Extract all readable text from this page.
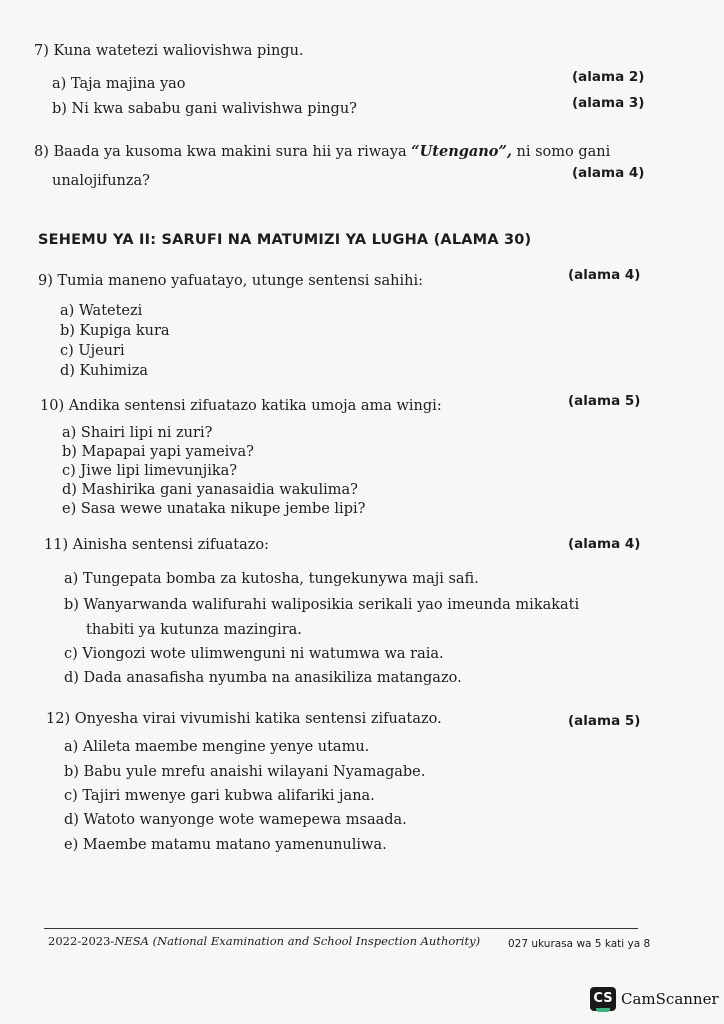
7) Kuna watetezi waliovishwa pingu.
a) Taja majina yao	(alama 2)
b) Ni kwa sababu gani walivishwa pingu?	(alama 3)
8) Baada ya kusoma kwa makini sura hii ya riwaya “Utengano”, ni somo gani
unalojifunza?	(alama 4)
SEHEMU YA II: SARUFI NA MATUMIZI YA LUGHA (ALAMA 30)
9) Tumia maneno yafuatayo, utunge sentensi sahihi:	(alama 4)
a) Watetezi
b) Kupiga kura
c) Ujeuri
d) Kuhimiza
10) Andika sentensi zifuatazo katika umoja ama wingi:	(alama 5)
a) Shairi lipi ni zuri?
b) Mapapai yapi yameiva?
c) Jiwe lipi limevunjika?
d) Mashirika gani yanasaidia wakulima?
e) Sasa wewe unataka nikupe jembe lipi?
11) Ainisha sentensi zifuatazo:	(alama 4)
a) Tungepata bomba za kutosha, tungekunywa maji safi.
b) Wanyarwanda walifurahi waliposikia serikali yao imeunda mikakati
thabiti ya kutunza mazingira.
c) Viongozi wote ulimwenguni ni watumwa wa raia.
d) Dada anasafisha nyumba na anasikiliza matangazo.
12) Onyesha virai vivumishi katika sentensi zifuatazo.	(alama 5)
a) Alileta maembe mengine yenye utamu.
b) Babu yule mrefu anaishi wilayani Nyamagabe.
c) Tajiri mwenye gari kubwa alifariki jana.
d) Watoto wanyonge wote wamepewa msaada.
e) Maembe matamu matano yamenunuliwa.
2022-2023-NESA (National Examination and School Inspection Authority)	027 ukurasa wa 5 kati ya 8
CS CamScanner
